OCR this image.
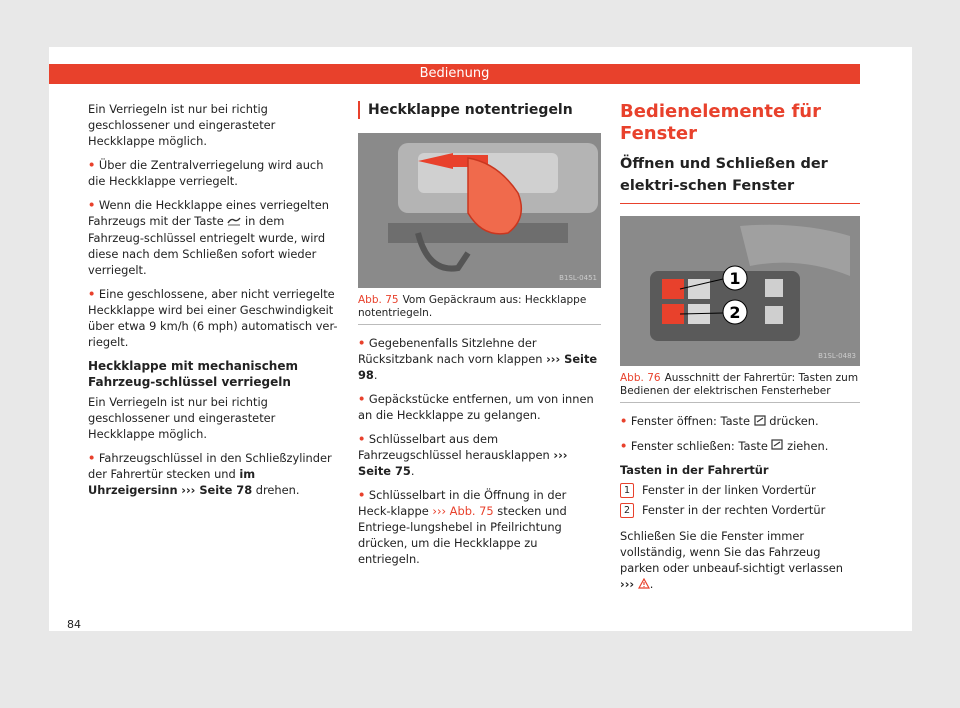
Bedienung

Ein Verriegeln ist nur bei richtig geschlossener und eingerasteter Heckklappe möglich.

• Über die Zentralverriegelung wird auch die Heckklappe verriegelt.

• Wenn die Heckklappe eines verriegelten Fahrzeugs mit der Taste in dem Fahrzeug-schlüssel entriegelt wurde, wird diese nach dem Schließen sofort wieder verriegelt.

• Eine geschlossene, aber nicht verriegelte Heckklappe wird bei einer Geschwindigkeit über etwa 9 km/h (6 mph) automatisch ver-riegelt.

Heckklappe mit mechanischem Fahrzeug-schlüssel verriegeln

Ein Verriegeln ist nur bei richtig geschlossener und eingerasteter Heckklappe möglich.

• Fahrzeugschlüssel in den Schließzylinder der Fahrertür stecken und im Uhrzeigersinn ››› Seite 78 drehen.

Heckklappe notentriegeln
B1SL-0451
Abb. 75 Vom Gepäckraum aus: Heckklappe notentriegeln.

• Gegebenenfalls Sitzlehne der Rücksitzbank nach vorn klappen ››› Seite 98.

• Gepäckstücke entfernen, um von innen an die Heckklappe zu gelangen.

• Schlüsselbart aus dem Fahrzeugschlüssel herausklappen ››› Seite 75.

• Schlüsselbart in die Öffnung in der Heck-klappe ››› Abb. 75 stecken und Entriege-lungshebel in Pfeilrichtung drücken, um die Heckklappe zu entriegeln.

Bedienelemente für Fenster
Öffnen und Schließen der elektri-schen Fenster
1
2
B1SL-0483
Abb. 76 Ausschnitt der Fahrertür: Tasten zum Bedienen der elektrischen Fensterheber

• Fenster öffnen: Taste drücken.

• Fenster schließen: Taste ziehen.

Tasten in der Fahrertür
1 Fenster in der linken Vordertür
2 Fenster in der rechten Vordertür

Schließen Sie die Fenster immer vollständig, wenn Sie das Fahrzeug parken oder unbeauf-sichtigt verlassen ››› .

84
